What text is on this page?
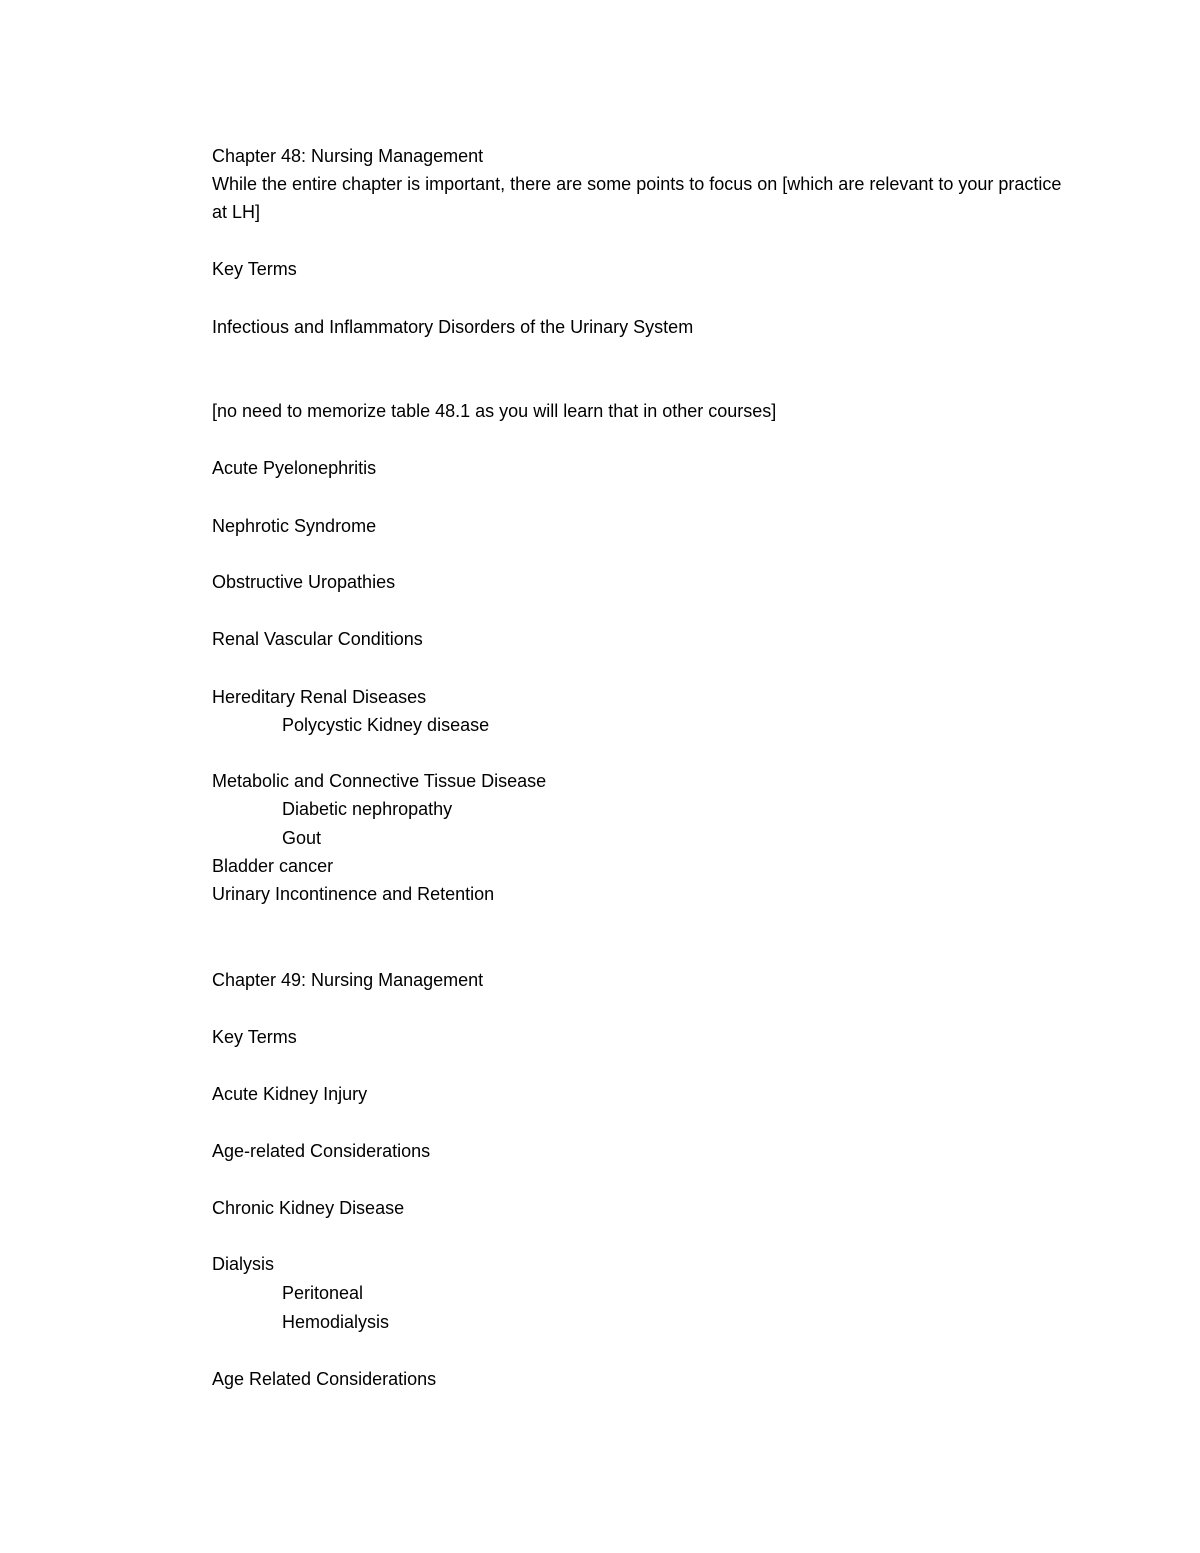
Chapter 48: Nursing Management
While the entire chapter is important, there are some points to focus on [which are relevant to your practice at LH]
Key Terms
Infectious and Inflammatory Disorders of the Urinary System
[no need to memorize table 48.1 as you will learn that in other courses]
Acute Pyelonephritis
Nephrotic Syndrome
Obstructive Uropathies
Renal Vascular Conditions
Hereditary Renal Diseases
Polycystic Kidney disease
Metabolic and Connective Tissue Disease
Diabetic nephropathy
Gout
Bladder cancer
Urinary Incontinence and Retention
Chapter 49: Nursing Management
Key Terms
Acute Kidney Injury
Age-related Considerations
Chronic Kidney Disease
Dialysis
Peritoneal
Hemodialysis
Age Related Considerations
